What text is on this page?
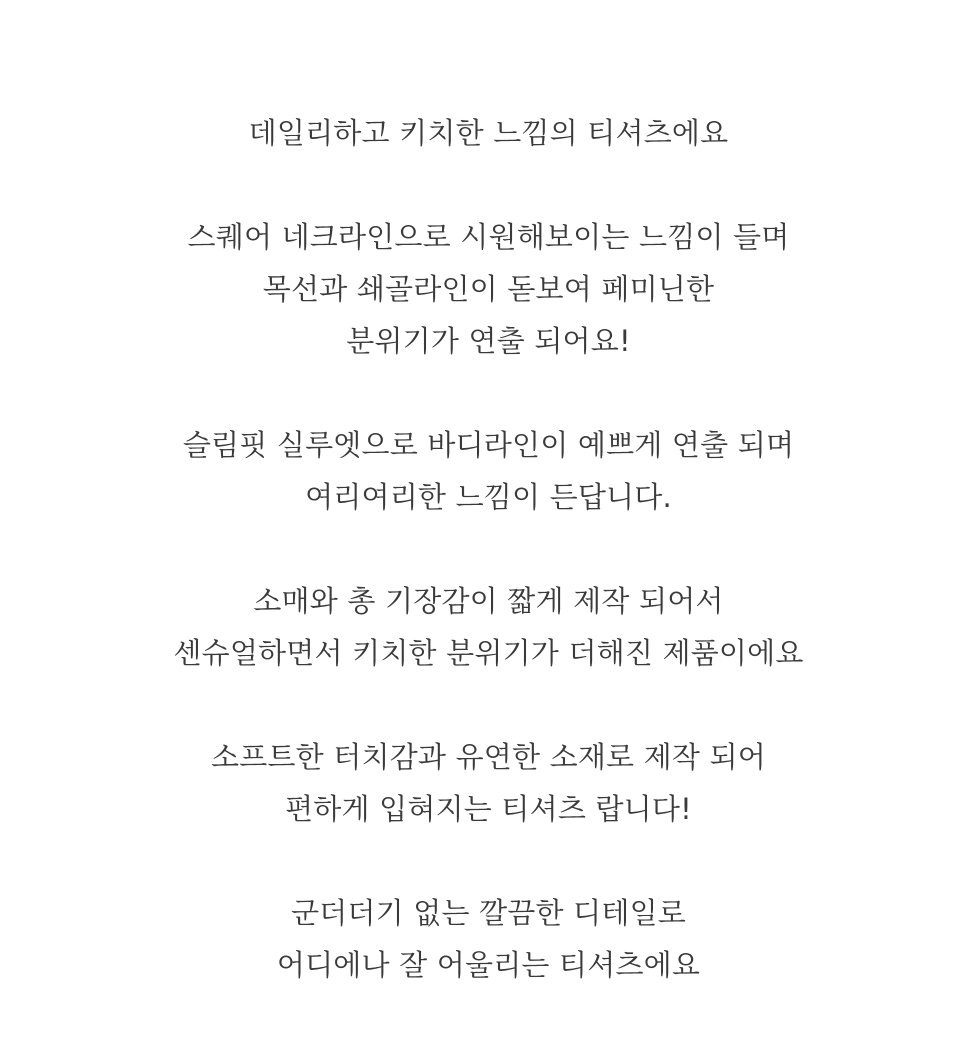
데일리하고 키치한 느낌의 티셔츠에요
스퀘어 네크라인으로 시원해보이는 느낌이 들며
목선과 쇄골라인이 돋보여 페미닌한
분위기가 연출 되어요!
슬림핏 실루엣으로 바디라인이 예쁘게 연출 되며
여리여리한 느낌이 든답니다.
소매와 총 기장감이 짧게 제작 되어서
센슈얼하면서 키치한 분위기가 더해진 제품이에요
소프트한 터치감과 유연한 소재로 제작 되어
편하게 입혀지는 티셔츠 랍니다!
군더더기 없는 깔끔한 디테일로
어디에나 잘 어울리는 티셔츠에요
